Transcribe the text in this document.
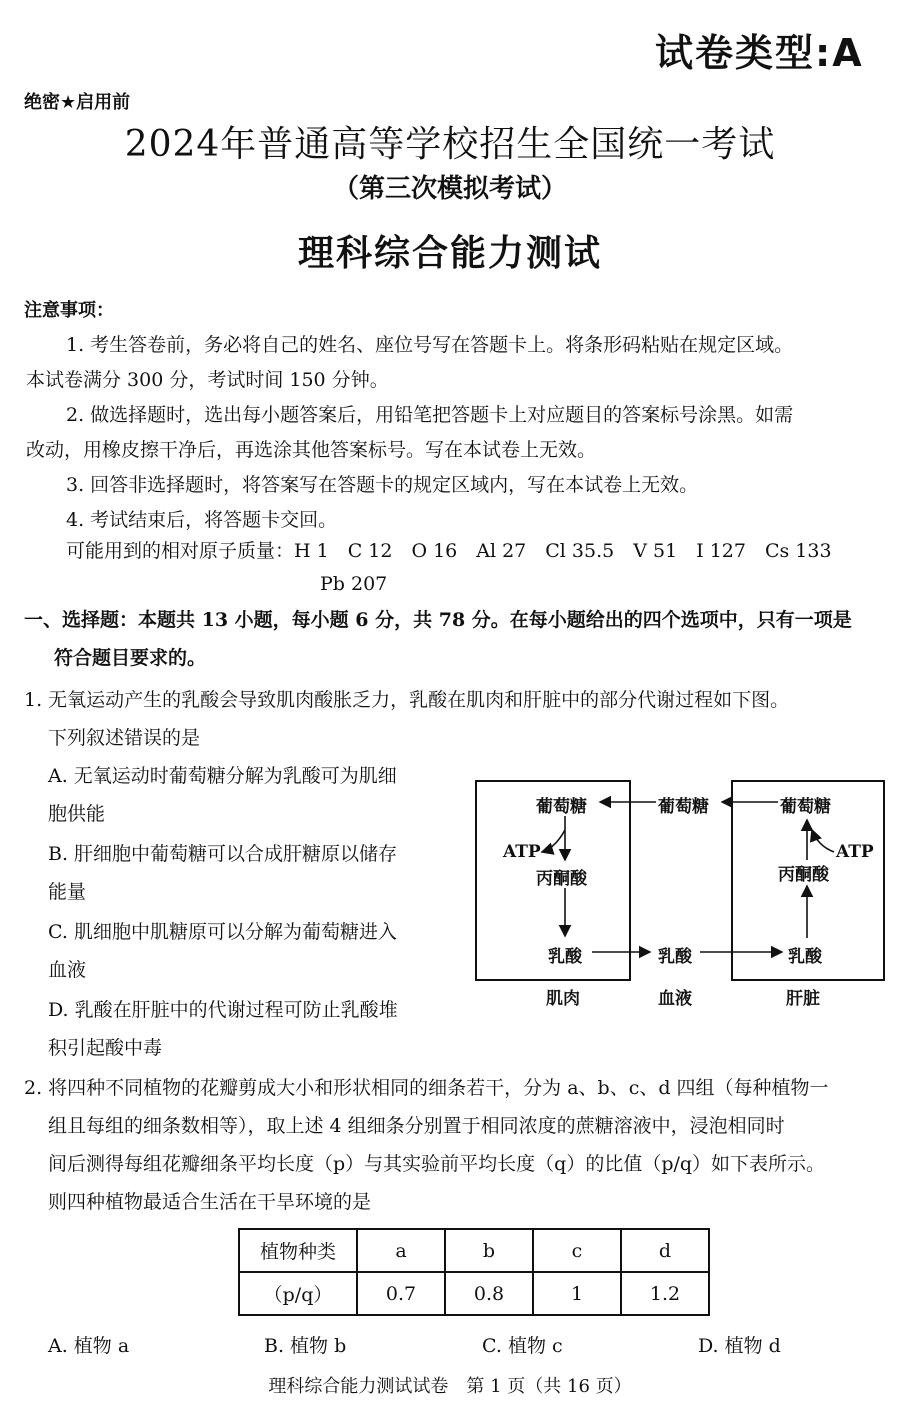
试卷类型:A
绝密★启用前
2024年普通高等学校招生全国统一考试
（第三次模拟考试）
理科综合能力测试
注意事项：
1. 考生答卷前，务必将自己的姓名、座位号写在答题卡上。将条形码粘贴在规定区域。
本试卷满分 300 分，考试时间 150 分钟。
2. 做选择题时，选出每小题答案后，用铅笔把答题卡上对应题目的答案标号涂黑。如需
改动，用橡皮擦干净后，再选涂其他答案标号。写在本试卷上无效。
3. 回答非选择题时，将答案写在答题卡的规定区域内，写在本试卷上无效。
4. 考试结束后，将答题卡交回。
可能用到的相对原子质量：H 1　C 12　O 16　Al 27　Cl 35.5　V 51　I 127　Cs 133
Pb 207
一、选择题：本题共 13 小题，每小题 6 分，共 78 分。在每小题给出的四个选项中，只有一项是
符合题目要求的。
1. 无氧运动产生的乳酸会导致肌肉酸胀乏力，乳酸在肌肉和肝脏中的部分代谢过程如下图。
下列叙述错误的是
A. 无氧运动时葡萄糖分解为乳酸可为肌细
胞供能
B. 肝细胞中葡萄糖可以合成肝糖原以储存
能量
C. 肌细胞中肌糖原可以分解为葡萄糖进入
血液
D. 乳酸在肝脏中的代谢过程可防止乳酸堆
积引起酸中毒
葡萄糖	葡萄糖	葡萄糖
ATP	ATP
丙酮酸	丙酮酸
乳酸	乳酸	乳酸
肌肉	血液	肝脏
2. 将四种不同植物的花瓣剪成大小和形状相同的细条若干，分为 a、b、c、d 四组（每种植物一
组且每组的细条数相等），取上述 4 组细条分别置于相同浓度的蔗糖溶液中，浸泡相同时
间后测得每组花瓣细条平均长度（p）与其实验前平均长度（q）的比值（p/q）如下表所示。
则四种植物最适合生活在干旱环境的是
植物种类	a	b	c	d
（p/q）	0.7	0.8	1	1.2
A. 植物 a	B. 植物 b	C. 植物 c	D. 植物 d
理科综合能力测试试卷　第 1 页（共 16 页）
